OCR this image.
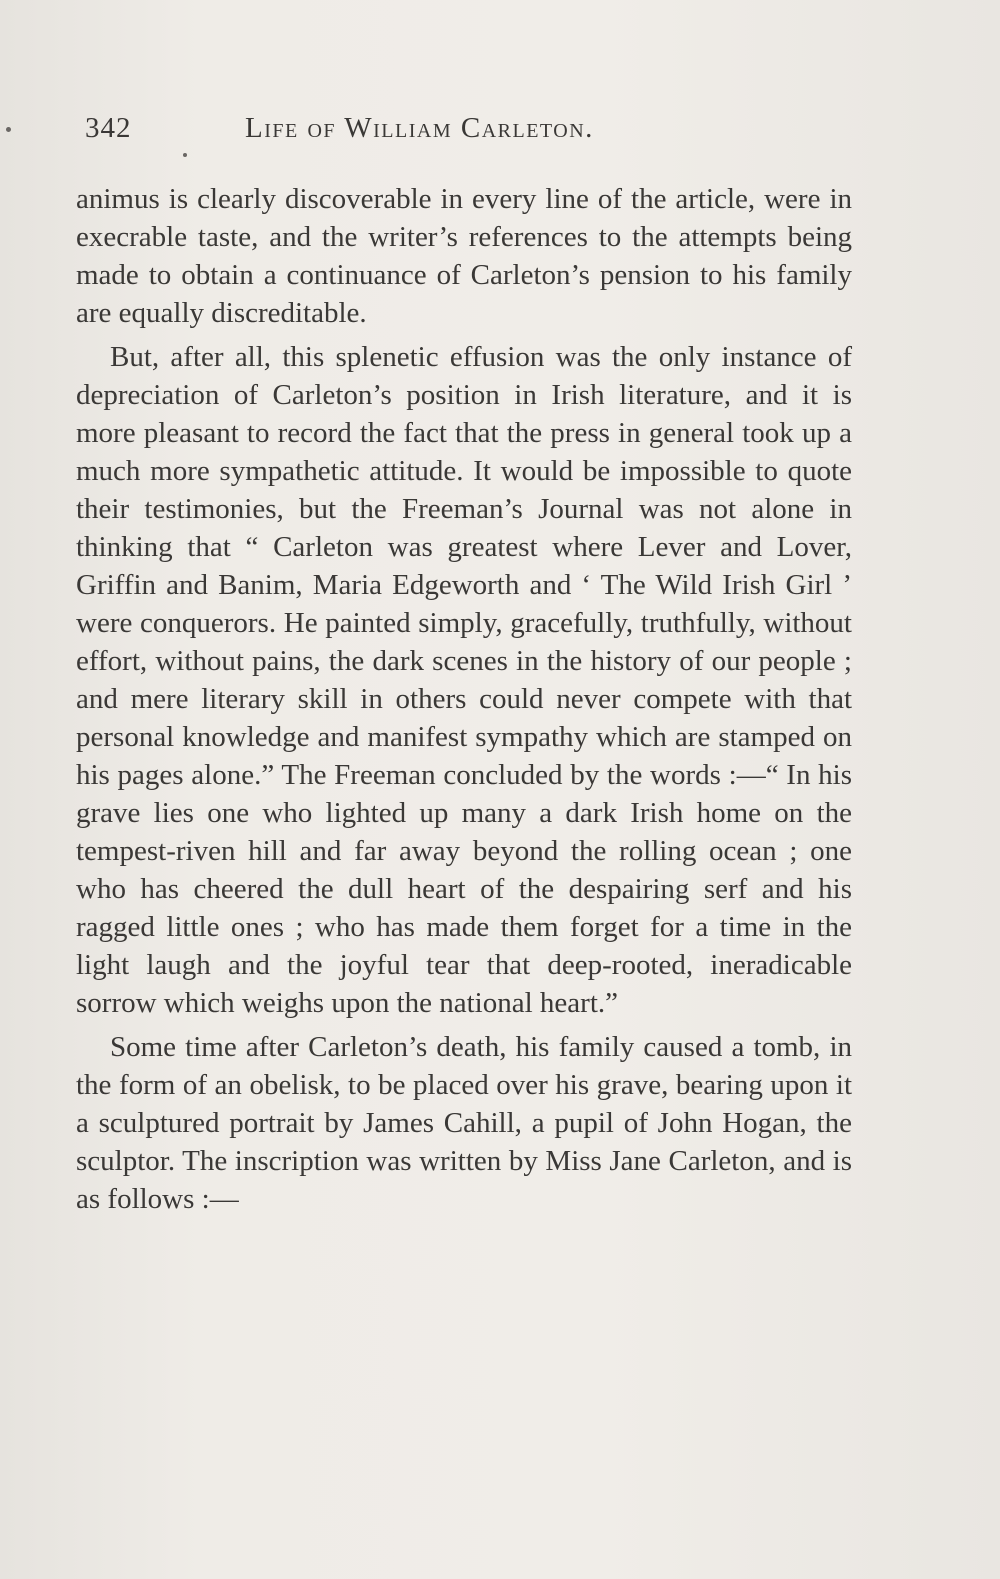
342	Life of William Carleton.

animus is clearly discoverable in every line of the article, were in execrable taste, and the writer’s references to the attempts being made to obtain a continuance of Carleton’s pension to his family are equally discreditable.

But, after all, this splenetic effusion was the only instance of depreciation of Carleton’s position in Irish literature, and it is more pleasant to record the fact that the press in general took up a much more sympathetic attitude. It would be impossible to quote their testimonies, but the Freeman’s Journal was not alone in thinking that “ Carleton was greatest where Lever and Lover, Griffin and Banim, Maria Edgeworth and ‘ The Wild Irish Girl ’ were conquerors. He painted simply, gracefully, truthfully, without effort, without pains, the dark scenes in the history of our people ; and mere literary skill in others could never compete with that personal knowledge and manifest sympathy which are stamped on his pages alone.” The Freeman concluded by the words :—“ In his grave lies one who lighted up many a dark Irish home on the tempest-riven hill and far away beyond the rolling ocean ; one who has cheered the dull heart of the despairing serf and his ragged little ones ; who has made them forget for a time in the light laugh and the joyful tear that deep-rooted, ineradicable sorrow which weighs upon the national heart.”

Some time after Carleton’s death, his family caused a tomb, in the form of an obelisk, to be placed over his grave, bearing upon it a sculptured portrait by James Cahill, a pupil of John Hogan, the sculptor. The inscription was written by Miss Jane Carleton, and is as follows :—
